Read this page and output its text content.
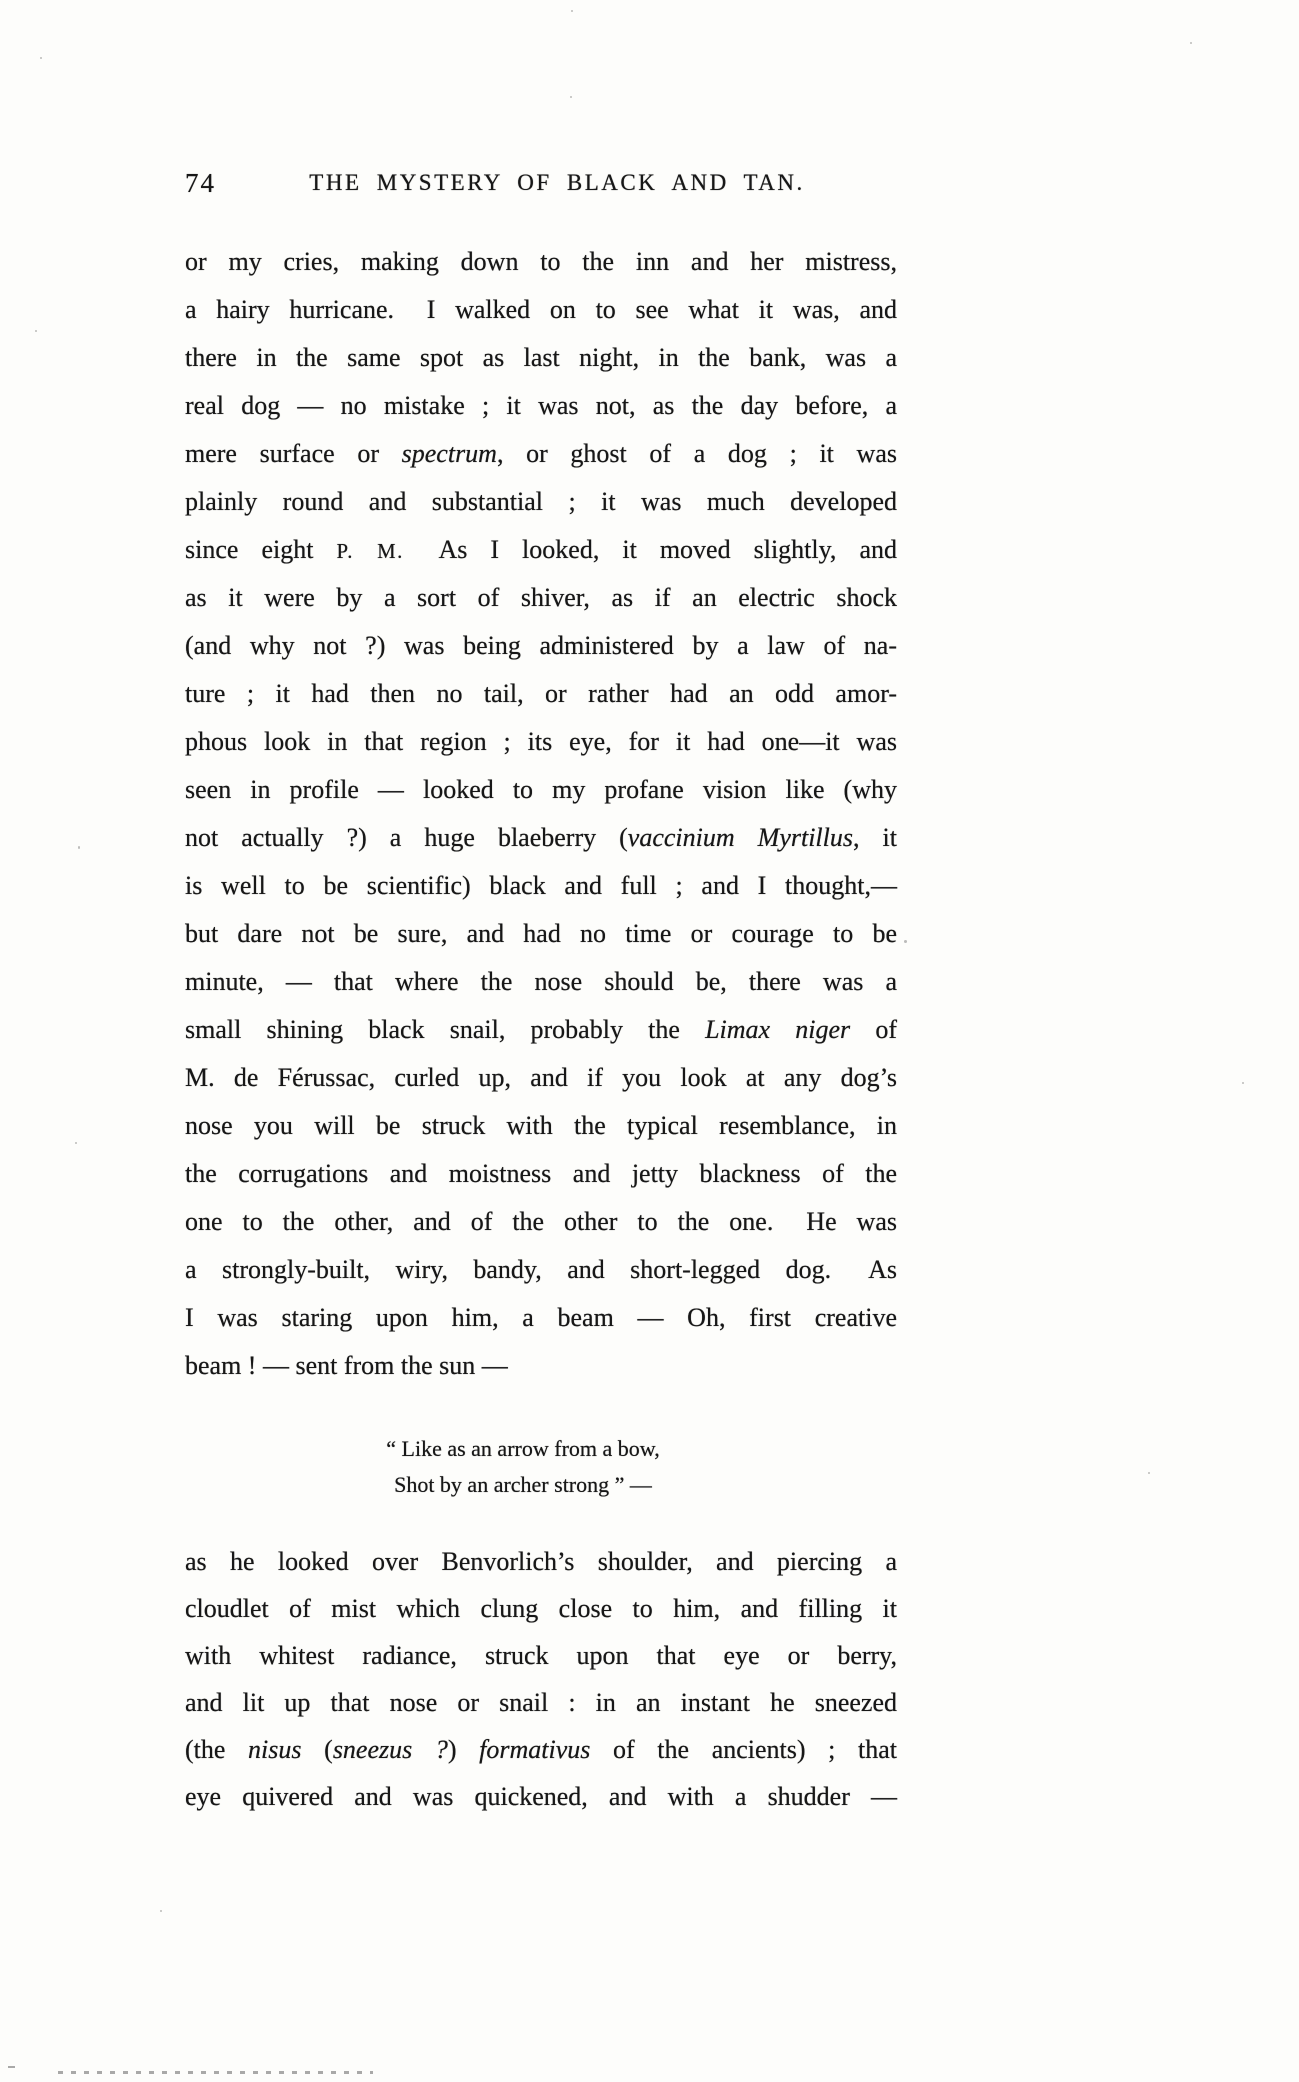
74	THE MYSTERY OF BLACK AND TAN.
or my cries, making down to the inn and her mistress,
a hairy hurricane.  I walked on to see what it was, and
there in the same spot as last night, in the bank, was a
real dog — no mistake ; it was not, as the day before, a
mere surface or spectrum, or ghost of a dog ; it was
plainly round and substantial ; it was much developed
since eight P. M.  As I looked, it moved slightly, and
as it were by a sort of shiver, as if an electric shock
(and why not ?) was being administered by a law of na-
ture ; it had then no tail, or rather had an odd amor-
phous look in that region ; its eye, for it had one—it was
seen in profile — looked to my profane vision like (why
not actually ?) a huge blaeberry (vaccinium Myrtillus, it
is well to be scientific) black and full ; and I thought,—
but dare not be sure, and had no time or courage to be
minute, — that where the nose should be, there was a
small shining black snail, probably the Limax niger of
M. de Férussac, curled up, and if you look at any dog’s
nose you will be struck with the typical resemblance, in
the corrugations and moistness and jetty blackness of the
one to the other, and of the other to the one.  He was
a strongly-built, wiry, bandy, and short-legged dog.  As
I was staring upon him, a beam — Oh, first creative
beam ! — sent from the sun —
“ Like as an arrow from a bow,
Shot by an archer strong ” —
as he looked over Benvorlich’s shoulder, and piercing a
cloudlet of mist which clung close to him, and filling it
with whitest radiance, struck upon that eye or berry,
and lit up that nose or snail : in an instant he sneezed
(the nisus (sneezus ?) formativus of the ancients) ; that
eye quivered and was quickened, and with a shudder —
